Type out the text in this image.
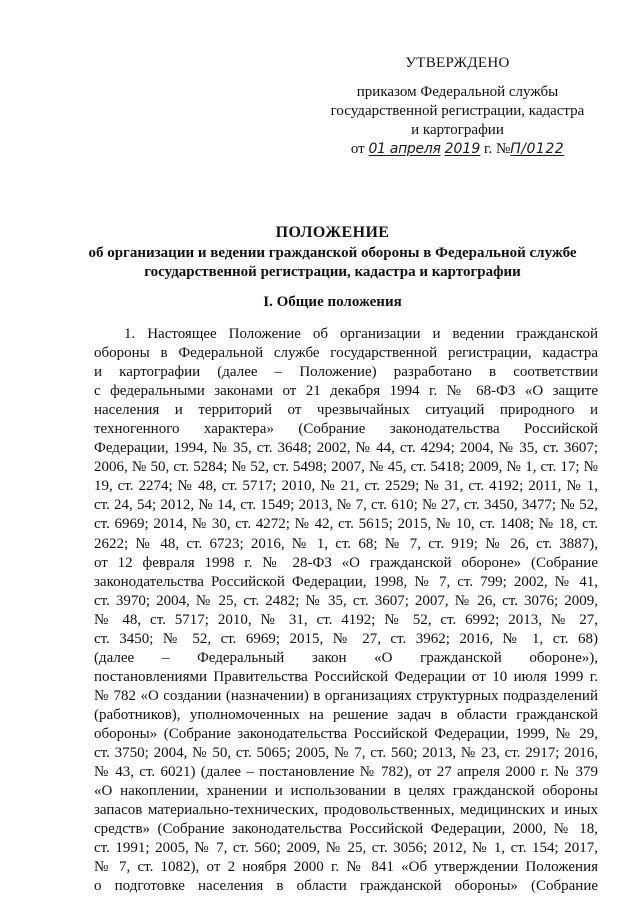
УТВЕРЖДЕНО
приказом Федеральной службы
государственной регистрации, кадастра
и картографии
от 01 апреля 2019 г. №П/0122
ПОЛОЖЕНИЕ
об организации и ведении гражданской обороны в Федеральной службе
государственной регистрации, кадастра и картографии
I. Общие положения
1. Настоящее Положение об организации и ведении гражданской
обороны в Федеральной службе государственной регистрации, кадастра
и картографии (далее – Положение) разработано в соответствии
с федеральными законами от 21 декабря 1994 г. № 68-ФЗ «О защите
населения и территорий от чрезвычайных ситуаций природного и
техногенного характера» (Собрание законодательства Российской
Федерации, 1994, № 35, ст. 3648; 2002, № 44, ст. 4294; 2004, № 35, ст. 3607;
2006, № 50, ст. 5284; № 52, ст. 5498; 2007, № 45, ст. 5418; 2009, № 1, ст. 17; №
19, ст. 2274; № 48, ст. 5717; 2010, № 21, ст. 2529; № 31, ст. 4192; 2011, № 1,
ст. 24, 54; 2012, № 14, ст. 1549; 2013, № 7, ст. 610; № 27, ст. 3450, 3477; № 52,
ст. 6969; 2014, № 30, ст. 4272; № 42, ст. 5615; 2015, № 10, ст. 1408; № 18, ст.
2622; № 48, ст. 6723; 2016, № 1, ст. 68; № 7, ст. 919; № 26, ст. 3887),
от 12 февраля 1998 г. № 28-ФЗ «О гражданской обороне» (Собрание
законодательства Российской Федерации, 1998, № 7, ст. 799; 2002, № 41,
ст. 3970; 2004, № 25, ст. 2482; № 35, ст. 3607; 2007, № 26, ст. 3076; 2009,
№ 48, ст. 5717; 2010, № 31, ст. 4192; № 52, ст. 6992; 2013, № 27,
ст. 3450; № 52, ст. 6969; 2015, № 27, ст. 3962; 2016, № 1, ст. 68)
(далее – Федеральный закон «О гражданской обороне»),
постановлениями Правительства Российской Федерации от 10 июля 1999 г.
№ 782 «О создании (назначении) в организациях структурных подразделений
(работников), уполномоченных на решение задач в области гражданской
обороны» (Собрание законодательства Российской Федерации, 1999, № 29,
ст. 3750; 2004, № 50, ст. 5065; 2005, № 7, ст. 560; 2013, № 23, ст. 2917; 2016,
№ 43, ст. 6021) (далее – постановление № 782), от 27 апреля 2000 г. № 379
«О накоплении, хранении и использовании в целях гражданской обороны
запасов материально-технических, продовольственных, медицинских и иных
средств» (Собрание законодательства Российской Федерации, 2000, № 18,
ст. 1991; 2005, № 7, ст. 560; 2009, № 25, ст. 3056; 2012, № 1, ст. 154; 2017,
№ 7, ст. 1082), от 2 ноября 2000 г. № 841 «Об утверждении Положения
о подготовке населения в области гражданской обороны» (Собрание
